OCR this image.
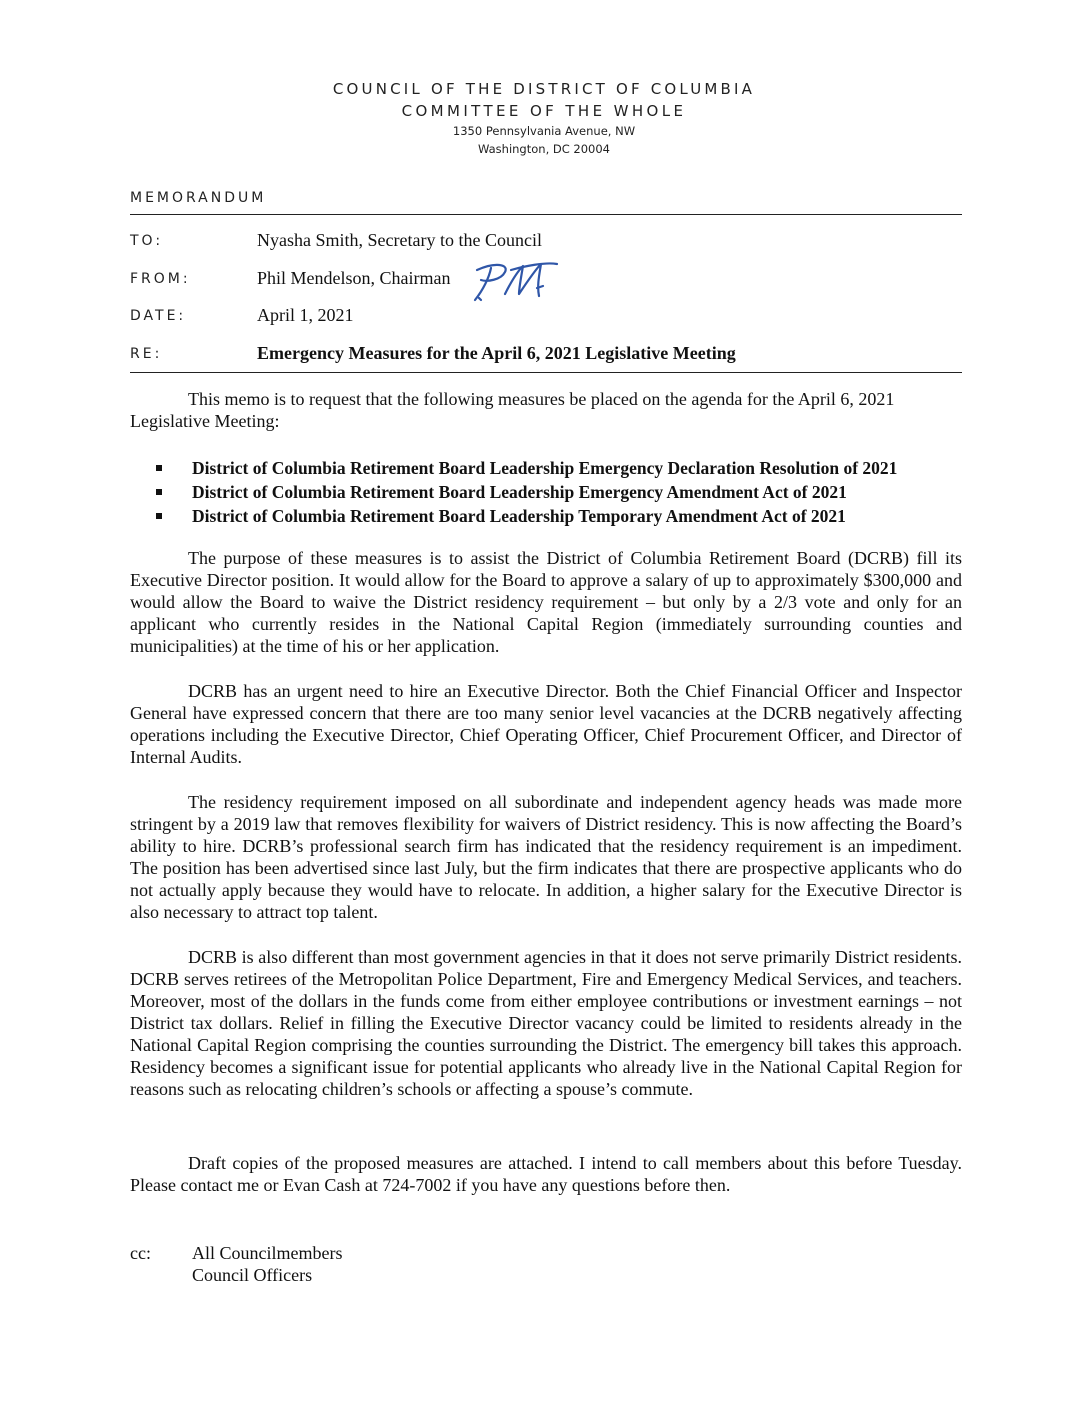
COUNCIL OF THE DISTRICT OF COLUMBIA
COMMITTEE OF THE WHOLE
1350 Pennsylvania Avenue, NW
Washington, DC 20004
MEMORANDUM
TO:	Nyasha Smith, Secretary to the Council
FROM:	Phil Mendelson, Chairman
DATE:	April 1, 2021
RE:	Emergency Measures for the April 6, 2021 Legislative Meeting

This memo is to request that the following measures be placed on the agenda for the April 6, 2021 Legislative Meeting:

District of Columbia Retirement Board Leadership Emergency Declaration Resolution of 2021
District of Columbia Retirement Board Leadership Emergency Amendment Act of 2021
District of Columbia Retirement Board Leadership Temporary Amendment Act of 2021

The purpose of these measures is to assist the District of Columbia Retirement Board (DCRB) fill its Executive Director position. It would allow for the Board to approve a salary of up to approximately $300,000 and would allow the Board to waive the District residency requirement – but only by a 2/3 vote and only for an applicant who currently resides in the National Capital Region (immediately surrounding counties and municipalities) at the time of his or her application.

DCRB has an urgent need to hire an Executive Director. Both the Chief Financial Officer and Inspector General have expressed concern that there are too many senior level vacancies at the DCRB negatively affecting operations including the Executive Director, Chief Operating Officer, Chief Procurement Officer, and Director of Internal Audits.

The residency requirement imposed on all subordinate and independent agency heads was made more stringent by a 2019 law that removes flexibility for waivers of District residency. This is now affecting the Board’s ability to hire. DCRB’s professional search firm has indicated that the residency requirement is an impediment. The position has been advertised since last July, but the firm indicates that there are prospective applicants who do not actually apply because they would have to relocate. In addition, a higher salary for the Executive Director is also necessary to attract top talent.

DCRB is also different than most government agencies in that it does not serve primarily District residents. DCRB serves retirees of the Metropolitan Police Department, Fire and Emergency Medical Services, and teachers. Moreover, most of the dollars in the funds come from either employee contributions or investment earnings – not District tax dollars. Relief in filling the Executive Director vacancy could be limited to residents already in the National Capital Region comprising the counties surrounding the District. The emergency bill takes this approach. Residency becomes a significant issue for potential applicants who already live in the National Capital Region for reasons such as relocating children’s schools or affecting a spouse’s commute.

Draft copies of the proposed measures are attached. I intend to call members about this before Tuesday. Please contact me or Evan Cash at 724-7002 if you have any questions before then.

cc: All Councilmembers
Council Officers
